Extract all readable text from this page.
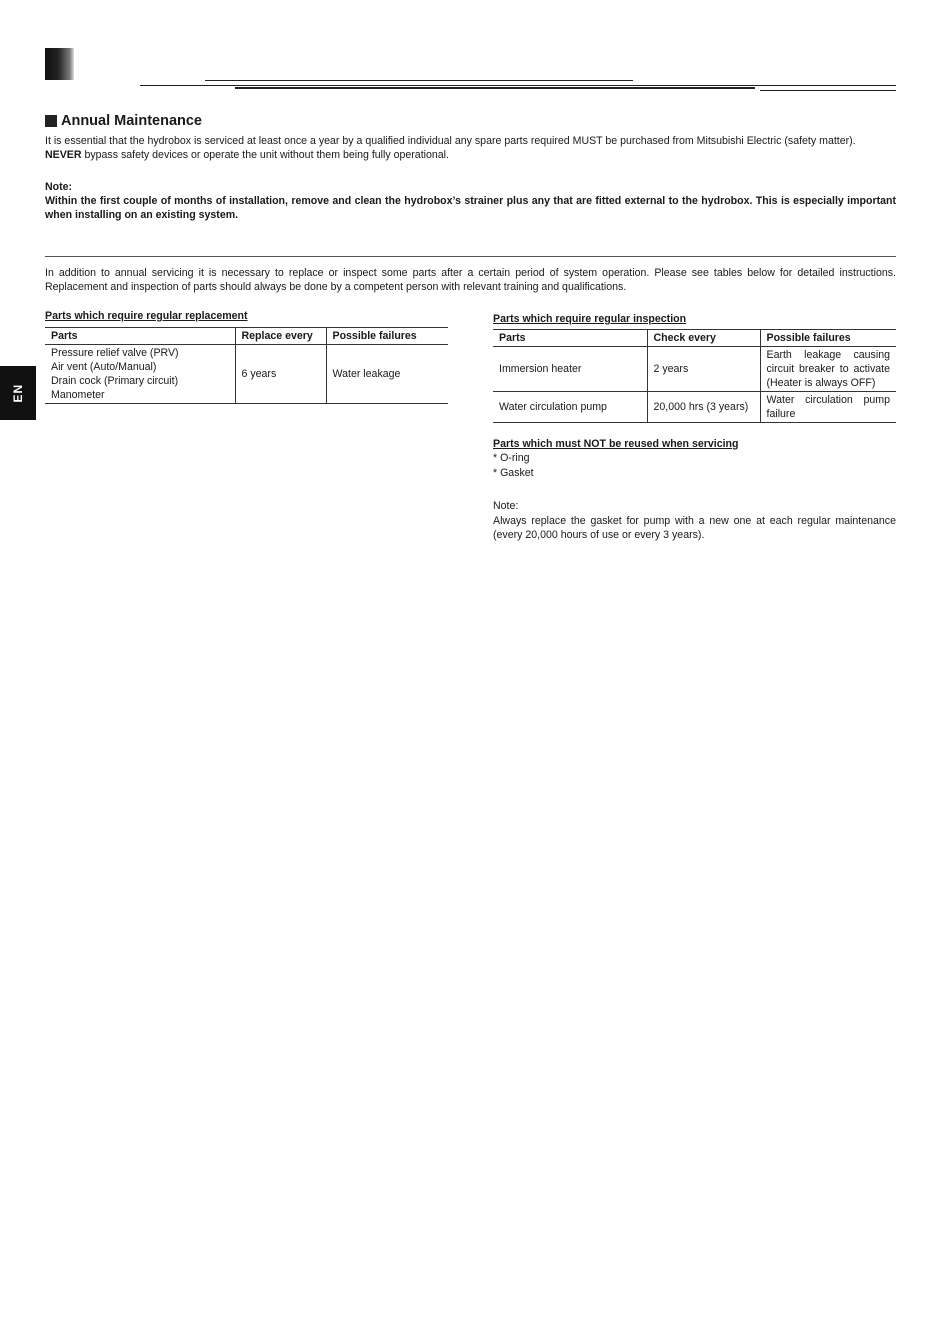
Annual Maintenance

It is essential that the hydrobox is serviced at least once a year by a qualified individual any spare parts required MUST be purchased from Mitsubishi Electric (safety matter).
NEVER bypass safety devices or operate the unit without them being fully operational.

Note:

Within the first couple of months of installation, remove and clean the hydrobox’s strainer plus any that are fitted external to the hydrobox. This is especially important when installing on an existing system.

In addition to annual servicing it is necessary to replace or inspect some parts after a certain period of system operation. Please see tables below for detailed instructions. Replacement and inspection of parts should always be done by a competent person with relevant training and qualifications.

EN
Parts which require regular replacement
Parts	Replace every	Possible failures

Pressure relief valve (PRV)
Air vent (Auto/Manual)
Drain cock (Primary circuit)
Manometer	6 years	Water leakage
Parts which require regular inspection
Parts	Check every	Possible failures
Immersion heater	2 years	Earth leakage causing circuit breaker to activate (Heater is always OFF)
Water circulation pump	20,000 hrs (3 years)	Water circulation pump failure
Parts which must NOT be reused when servicing
* O-ring
* Gasket
Note:

Always replace the gasket for pump with a new one at each regular maintenance (every 20,000 hours of use or every 3 years).
